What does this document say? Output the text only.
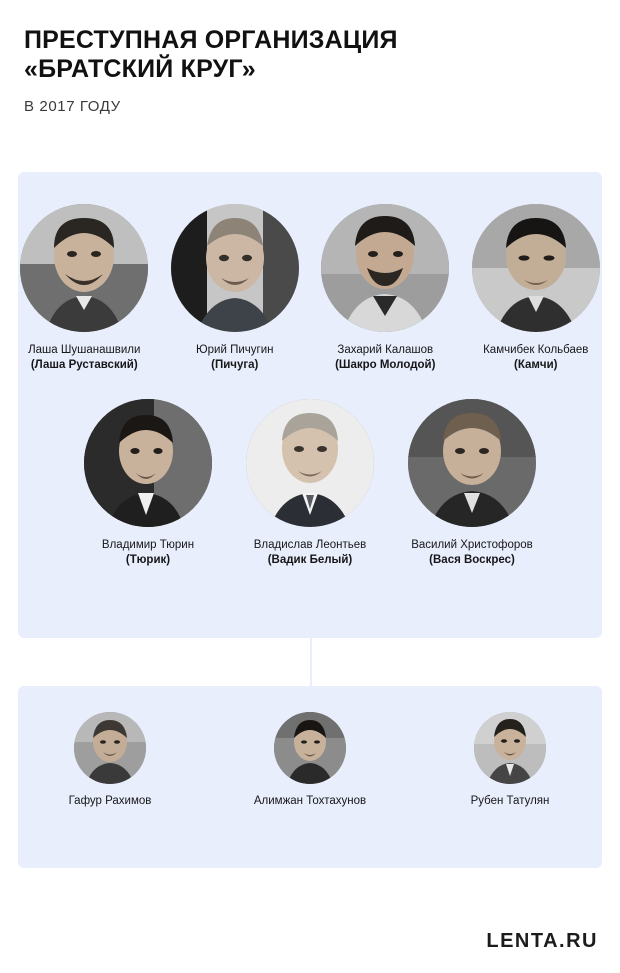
ПРЕСТУПНАЯ ОРГАНИЗАЦИЯ
«БРАТСКИЙ КРУГ»

В 2017 ГОДУ

Лаша Шушанашвили
(Лаша Руставский)
Юрий Пичугин
(Пичуга)
Захарий Калашов
(Шакро Молодой)
Камчибек Кольбаев
(Камчи)
Владимир Тюрин
(Тюрик)
Владислав Леонтьев
(Вадик Белый)
Василий Христофоров
(Вася Воскрес)
Гафур Рахимов	Алимжан Тохтахунов	Рубен Татулян
LENTA.RU
